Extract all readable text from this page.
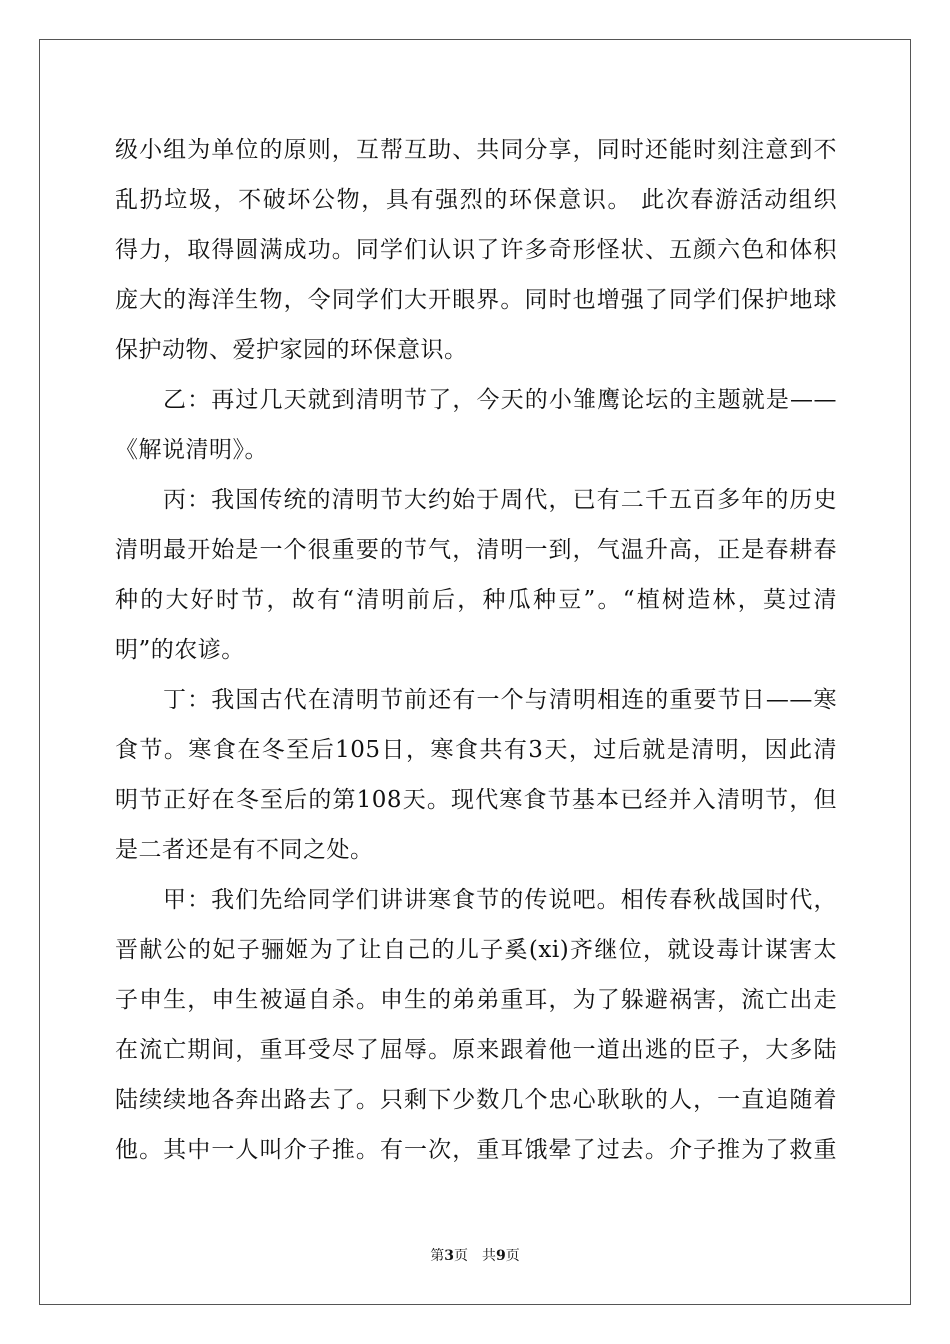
级小组为单位的原则，互帮互助、共同分享，同时还能时刻注意到不
乱扔垃圾，不破坏公物，具有强烈的环保意识。 此次春游活动组织
得力，取得圆满成功。同学们认识了许多奇形怪状、五颜六色和体积
庞大的海洋生物，令同学们大开眼界。同时也增强了同学们保护地球
保护动物、爱护家园的环保意识。
乙：再过几天就到清明节了，今天的小雏鹰论坛的主题就是——
《解说清明》。
丙：我国传统的清明节大约始于周代，已有二千五百多年的历史
清明最开始是一个很重要的节气，清明一到，气温升高，正是春耕春
种的大好时节，故有“清明前后，种瓜种豆”。“植树造林，莫过清
明”的农谚。
丁：我国古代在清明节前还有一个与清明相连的重要节日——寒
食节。寒食在冬至后105日，寒食共有3天，过后就是清明，因此清
明节正好在冬至后的第108天。现代寒食节基本已经并入清明节，但
是二者还是有不同之处。
甲：我们先给同学们讲讲寒食节的传说吧。相传春秋战国时代，
晋献公的妃子骊姬为了让自己的儿子奚(xi)齐继位，就设毒计谋害太
子申生，申生被逼自杀。申生的弟弟重耳，为了躲避祸害，流亡出走
在流亡期间，重耳受尽了屈辱。原来跟着他一道出逃的臣子，大多陆
陆续续地各奔出路去了。只剩下少数几个忠心耿耿的人，一直追随着
他。其中一人叫介子推。有一次，重耳饿晕了过去。介子推为了救重
第3页 共9页
